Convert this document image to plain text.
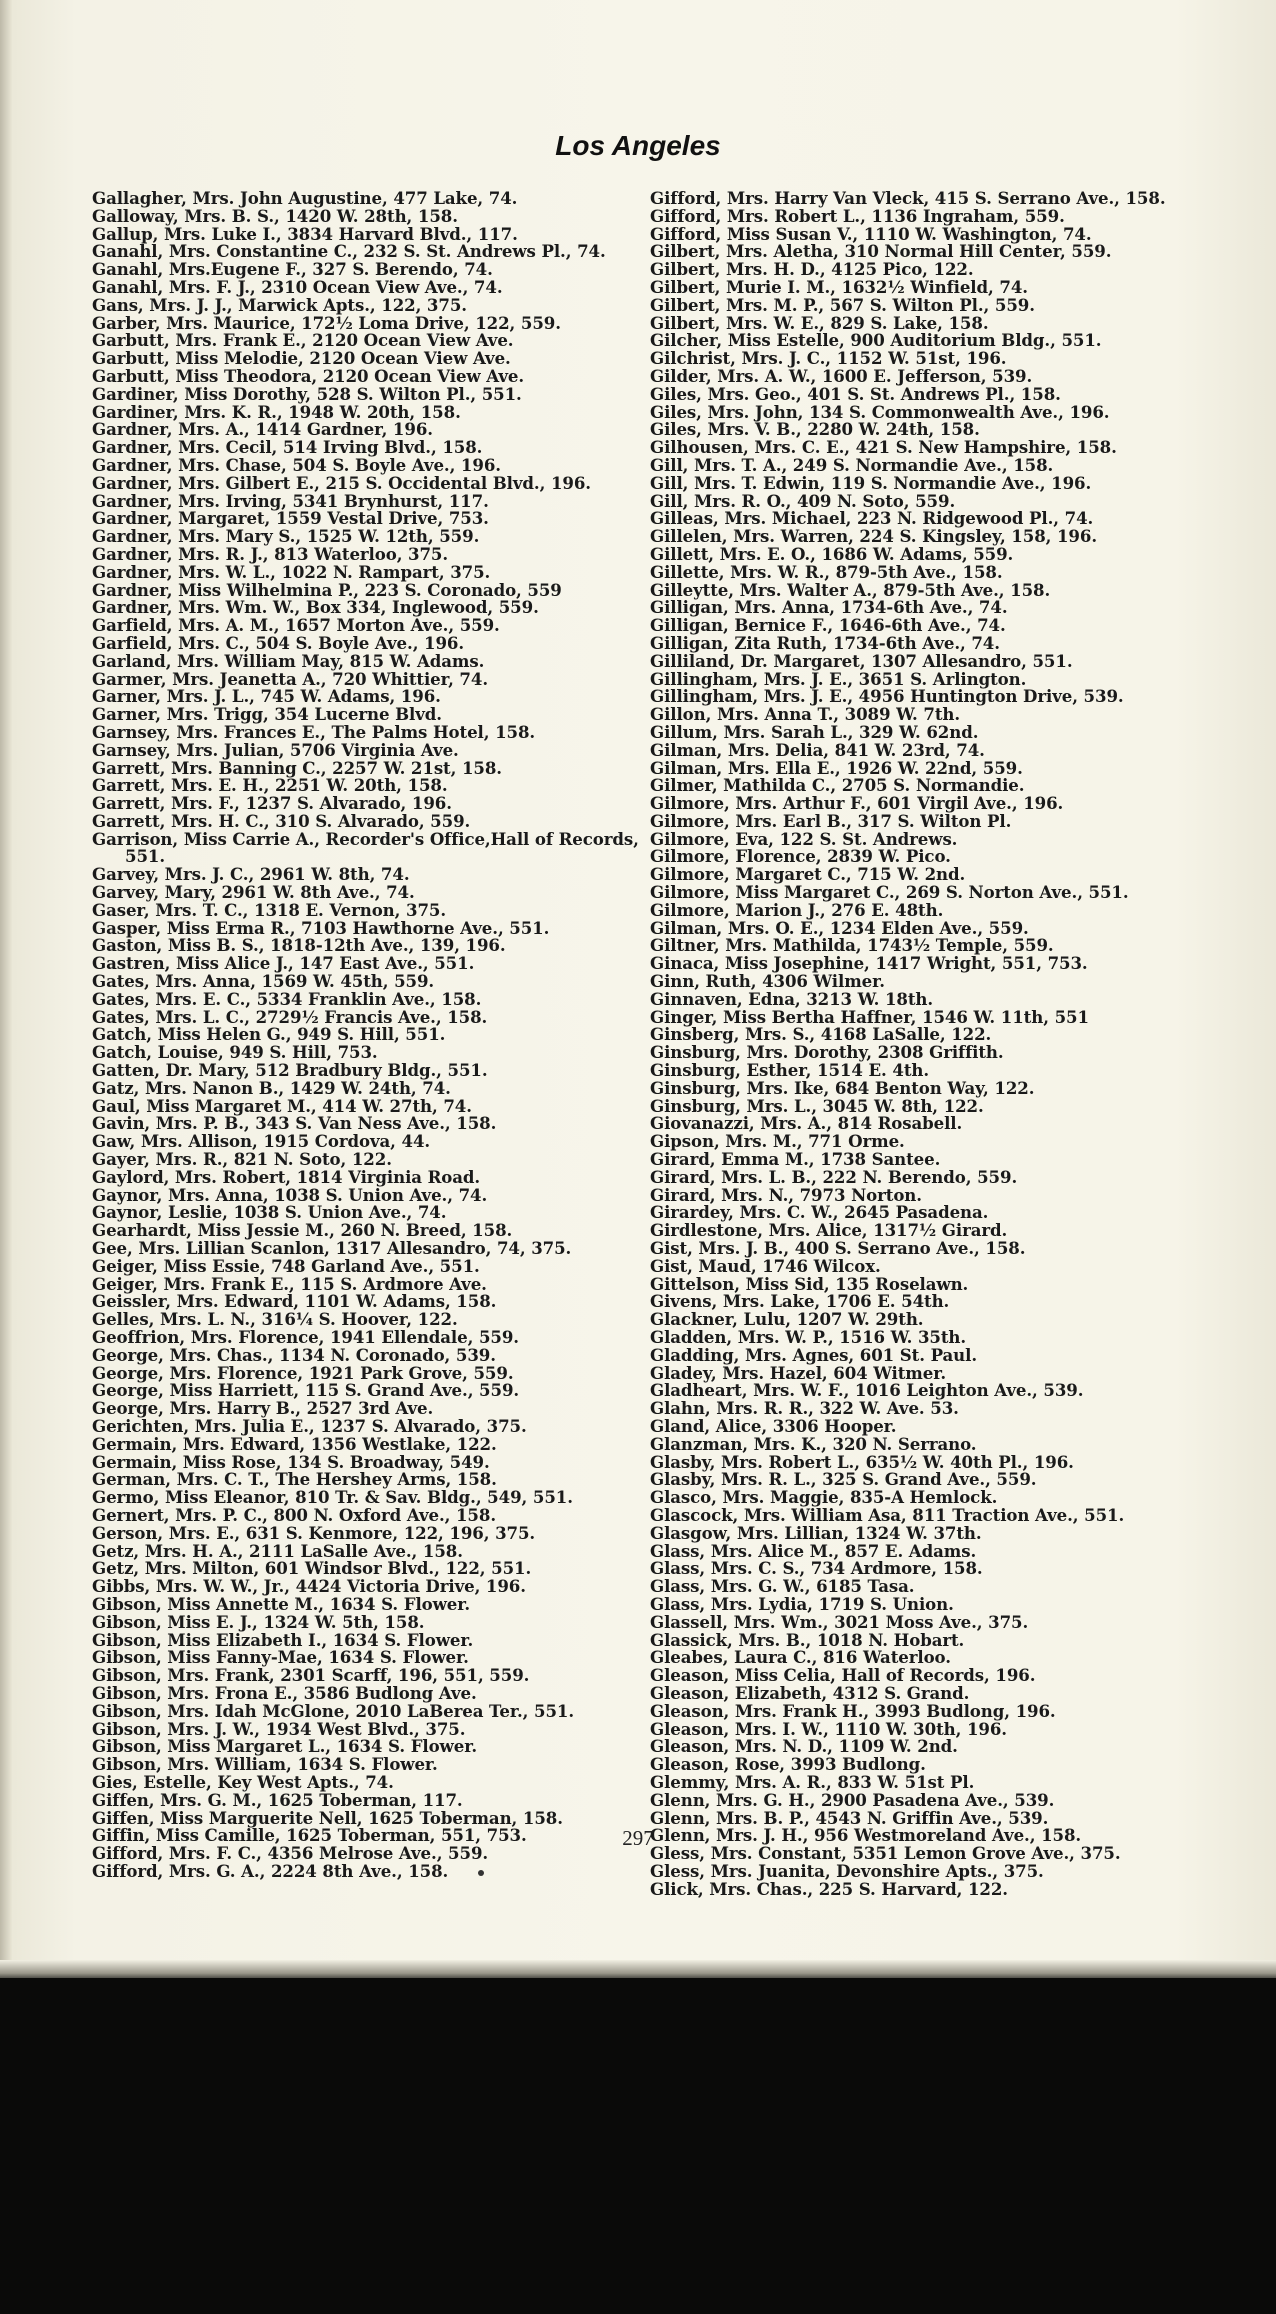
Los Angeles
Gallagher, Mrs. John Augustine, 477 Lake, 74.
Galloway, Mrs. B. S., 1420 W. 28th, 158.
Gallup, Mrs. Luke I., 3834 Harvard Blvd., 117.
Ganahl, Mrs. Constantine C., 232 S. St. Andrews Pl., 74.
Ganahl, Mrs.Eugene F., 327 S. Berendo, 74.
Ganahl, Mrs. F. J., 2310 Ocean View Ave., 74.
Gans, Mrs. J. J., Marwick Apts., 122, 375.
Garber, Mrs. Maurice, 172½ Loma Drive, 122, 559.
Garbutt, Mrs. Frank E., 2120 Ocean View Ave.
Garbutt, Miss Melodie, 2120 Ocean View Ave.
Garbutt, Miss Theodora, 2120 Ocean View Ave.
Gardiner, Miss Dorothy, 528 S. Wilton Pl., 551.
Gardiner, Mrs. K. R., 1948 W. 20th, 158.
Gardner, Mrs. A., 1414 Gardner, 196.
Gardner, Mrs. Cecil, 514 Irving Blvd., 158.
Gardner, Mrs. Chase, 504 S. Boyle Ave., 196.
Gardner, Mrs. Gilbert E., 215 S. Occidental Blvd., 196.
Gardner, Mrs. Irving, 5341 Brynhurst, 117.
Gardner, Margaret, 1559 Vestal Drive, 753.
Gardner, Mrs. Mary S., 1525 W. 12th, 559.
Gardner, Mrs. R. J., 813 Waterloo, 375.
Gardner, Mrs. W. L., 1022 N. Rampart, 375.
Gardner, Miss Wilhelmina P., 223 S. Coronado, 559
Gardner, Mrs. Wm. W., Box 334, Inglewood, 559.
Garfield, Mrs. A. M., 1657 Morton Ave., 559.
Garfield, Mrs. C., 504 S. Boyle Ave., 196.
Garland, Mrs. William May, 815 W. Adams.
Garmer, Mrs. Jeanetta A., 720 Whittier, 74.
Garner, Mrs. J. L., 745 W. Adams, 196.
Garner, Mrs. Trigg, 354 Lucerne Blvd.
Garnsey, Mrs. Frances E., The Palms Hotel, 158.
Garnsey, Mrs. Julian, 5706 Virginia Ave.
Garrett, Mrs. Banning C., 2257 W. 21st, 158.
Garrett, Mrs. E. H., 2251 W. 20th, 158.
Garrett, Mrs. F., 1237 S. Alvarado, 196.
Garrett, Mrs. H. C., 310 S. Alvarado, 559.
Garrison, Miss Carrie A., Recorder's Office,Hall of Records, 551.
Garvey, Mrs. J. C., 2961 W. 8th, 74.
Garvey, Mary, 2961 W. 8th Ave., 74.
Gaser, Mrs. T. C., 1318 E. Vernon, 375.
Gasper, Miss Erma R., 7103 Hawthorne Ave., 551.
Gaston, Miss B. S., 1818-12th Ave., 139, 196.
Gastren, Miss Alice J., 147 East Ave., 551.
Gates, Mrs. Anna, 1569 W. 45th, 559.
Gates, Mrs. E. C., 5334 Franklin Ave., 158.
Gates, Mrs. L. C., 2729½ Francis Ave., 158.
Gatch, Miss Helen G., 949 S. Hill, 551.
Gatch, Louise, 949 S. Hill, 753.
Gatten, Dr. Mary, 512 Bradbury Bldg., 551.
Gatz, Mrs. Nanon B., 1429 W. 24th, 74.
Gaul, Miss Margaret M., 414 W. 27th, 74.
Gavin, Mrs. P. B., 343 S. Van Ness Ave., 158.
Gaw, Mrs. Allison, 1915 Cordova, 44.
Gayer, Mrs. R., 821 N. Soto, 122.
Gaylord, Mrs. Robert, 1814 Virginia Road.
Gaynor, Mrs. Anna, 1038 S. Union Ave., 74.
Gaynor, Leslie, 1038 S. Union Ave., 74.
Gearhardt, Miss Jessie M., 260 N. Breed, 158.
Gee, Mrs. Lillian Scanlon, 1317 Allesandro, 74, 375.
Geiger, Miss Essie, 748 Garland Ave., 551.
Geiger, Mrs. Frank E., 115 S. Ardmore Ave.
Geissler, Mrs. Edward, 1101 W. Adams, 158.
Gelles, Mrs. L. N., 316¼ S. Hoover, 122.
Geoffrion, Mrs. Florence, 1941 Ellendale, 559.
George, Mrs. Chas., 1134 N. Coronado, 539.
George, Mrs. Florence, 1921 Park Grove, 559.
George, Miss Harriett, 115 S. Grand Ave., 559.
George, Mrs. Harry B., 2527 3rd Ave.
Gerichten, Mrs. Julia E., 1237 S. Alvarado, 375.
Germain, Mrs. Edward, 1356 Westlake, 122.
Germain, Miss Rose, 134 S. Broadway, 549.
German, Mrs. C. T., The Hershey Arms, 158.
Germo, Miss Eleanor, 810 Tr. & Sav. Bldg., 549, 551.
Gernert, Mrs. P. C., 800 N. Oxford Ave., 158.
Gerson, Mrs. E., 631 S. Kenmore, 122, 196, 375.
Getz, Mrs. H. A., 2111 LaSalle Ave., 158.
Getz, Mrs. Milton, 601 Windsor Blvd., 122, 551.
Gibbs, Mrs. W. W., Jr., 4424 Victoria Drive, 196.
Gibson, Miss Annette M., 1634 S. Flower.
Gibson, Miss E. J., 1324 W. 5th, 158.
Gibson, Miss Elizabeth I., 1634 S. Flower.
Gibson, Miss Fanny-Mae, 1634 S. Flower.
Gibson, Mrs. Frank, 2301 Scarff, 196, 551, 559.
Gibson, Mrs. Frona E., 3586 Budlong Ave.
Gibson, Mrs. Idah McGlone, 2010 LaBerea Ter., 551.
Gibson, Mrs. J. W., 1934 West Blvd., 375.
Gibson, Miss Margaret L., 1634 S. Flower.
Gibson, Mrs. William, 1634 S. Flower.
Gies, Estelle, Key West Apts., 74.
Giffen, Mrs. G. M., 1625 Toberman, 117.
Giffen, Miss Marguerite Nell, 1625 Toberman, 158.
Giffin, Miss Camille, 1625 Toberman, 551, 753.
Gifford, Mrs. F. C., 4356 Melrose Ave., 559.
Gifford, Mrs. G. A., 2224 8th Ave., 158.
Gifford, Mrs. Harry Van Vleck, 415 S. Serrano Ave., 158.
Gifford, Mrs. Robert L., 1136 Ingraham, 559.
Gifford, Miss Susan V., 1110 W. Washington, 74.
Gilbert, Mrs. Aletha, 310 Normal Hill Center, 559.
Gilbert, Mrs. H. D., 4125 Pico, 122.
Gilbert, Murie I. M., 1632½ Winfield, 74.
Gilbert, Mrs. M. P., 567 S. Wilton Pl., 559.
Gilbert, Mrs. W. E., 829 S. Lake, 158.
Gilcher, Miss Estelle, 900 Auditorium Bldg., 551.
Gilchrist, Mrs. J. C., 1152 W. 51st, 196.
Gilder, Mrs. A. W., 1600 E. Jefferson, 539.
Giles, Mrs. Geo., 401 S. St. Andrews Pl., 158.
Giles, Mrs. John, 134 S. Commonwealth Ave., 196.
Giles, Mrs. V. B., 2280 W. 24th, 158.
Gilhousen, Mrs. C. E., 421 S. New Hampshire, 158.
Gill, Mrs. T. A., 249 S. Normandie Ave., 158.
Gill, Mrs. T. Edwin, 119 S. Normandie Ave., 196.
Gill, Mrs. R. O., 409 N. Soto, 559.
Gilleas, Mrs. Michael, 223 N. Ridgewood Pl., 74.
Gillelen, Mrs. Warren, 224 S. Kingsley, 158, 196.
Gillett, Mrs. E. O., 1686 W. Adams, 559.
Gillette, Mrs. W. R., 879-5th Ave., 158.
Gilleytte, Mrs. Walter A., 879-5th Ave., 158.
Gilligan, Mrs. Anna, 1734-6th Ave., 74.
Gilligan, Bernice F., 1646-6th Ave., 74.
Gilligan, Zita Ruth, 1734-6th Ave., 74.
Gilliland, Dr. Margaret, 1307 Allesandro, 551.
Gillingham, Mrs. J. E., 3651 S. Arlington.
Gillingham, Mrs. J. E., 4956 Huntington Drive, 539.
Gillon, Mrs. Anna T., 3089 W. 7th.
Gillum, Mrs. Sarah L., 329 W. 62nd.
Gilman, Mrs. Delia, 841 W. 23rd, 74.
Gilman, Mrs. Ella E., 1926 W. 22nd, 559.
Gilmer, Mathilda C., 2705 S. Normandie.
Gilmore, Mrs. Arthur F., 601 Virgil Ave., 196.
Gilmore, Mrs. Earl B., 317 S. Wilton Pl.
Gilmore, Eva, 122 S. St. Andrews.
Gilmore, Florence, 2839 W. Pico.
Gilmore, Margaret C., 715 W. 2nd.
Gilmore, Miss Margaret C., 269 S. Norton Ave., 551.
Gilmore, Marion J., 276 E. 48th.
Gilman, Mrs. O. E., 1234 Elden Ave., 559.
Giltner, Mrs. Mathilda, 1743½ Temple, 559.
Ginaca, Miss Josephine, 1417 Wright, 551, 753.
Ginn, Ruth, 4306 Wilmer.
Ginnaven, Edna, 3213 W. 18th.
Ginger, Miss Bertha Haffner, 1546 W. 11th, 551
Ginsberg, Mrs. S., 4168 LaSalle, 122.
Ginsburg, Mrs. Dorothy, 2308 Griffith.
Ginsburg, Esther, 1514 E. 4th.
Ginsburg, Mrs. Ike, 684 Benton Way, 122.
Ginsburg, Mrs. L., 3045 W. 8th, 122.
Giovanazzi, Mrs. A., 814 Rosabell.
Gipson, Mrs. M., 771 Orme.
Girard, Emma M., 1738 Santee.
Girard, Mrs. L. B., 222 N. Berendo, 559.
Girard, Mrs. N., 7973 Norton.
Girardey, Mrs. C. W., 2645 Pasadena.
Girdlestone, Mrs. Alice, 1317½ Girard.
Gist, Mrs. J. B., 400 S. Serrano Ave., 158.
Gist, Maud, 1746 Wilcox.
Gittelson, Miss Sid, 135 Roselawn.
Givens, Mrs. Lake, 1706 E. 54th.
Glackner, Lulu, 1207 W. 29th.
Gladden, Mrs. W. P., 1516 W. 35th.
Gladding, Mrs. Agnes, 601 St. Paul.
Gladey, Mrs. Hazel, 604 Witmer.
Gladheart, Mrs. W. F., 1016 Leighton Ave., 539.
Glahn, Mrs. R. R., 322 W. Ave. 53.
Gland, Alice, 3306 Hooper.
Glanzman, Mrs. K., 320 N. Serrano.
Glasby, Mrs. Robert L., 635½ W. 40th Pl., 196.
Glasby, Mrs. R. L., 325 S. Grand Ave., 559.
Glasco, Mrs. Maggie, 835-A Hemlock.
Glascock, Mrs. William Asa, 811 Traction Ave., 551.
Glasgow, Mrs. Lillian, 1324 W. 37th.
Glass, Mrs. Alice M., 857 E. Adams.
Glass, Mrs. C. S., 734 Ardmore, 158.
Glass, Mrs. G. W., 6185 Tasa.
Glass, Mrs. Lydia, 1719 S. Union.
Glassell, Mrs. Wm., 3021 Moss Ave., 375.
Glassick, Mrs. B., 1018 N. Hobart.
Gleabes, Laura C., 816 Waterloo.
Gleason, Miss Celia, Hall of Records, 196.
Gleason, Elizabeth, 4312 S. Grand.
Gleason, Mrs. Frank H., 3993 Budlong, 196.
Gleason, Mrs. I. W., 1110 W. 30th, 196.
Gleason, Mrs. N. D., 1109 W. 2nd.
Gleason, Rose, 3993 Budlong.
Glemmy, Mrs. A. R., 833 W. 51st Pl.
Glenn, Mrs. G. H., 2900 Pasadena Ave., 539.
Glenn, Mrs. B. P., 4543 N. Griffin Ave., 539.
Glenn, Mrs. J. H., 956 Westmoreland Ave., 158.
Gless, Mrs. Constant, 5351 Lemon Grove Ave., 375.
Gless, Mrs. Juanita, Devonshire Apts., 375.
Glick, Mrs. Chas., 225 S. Harvard, 122.
297
